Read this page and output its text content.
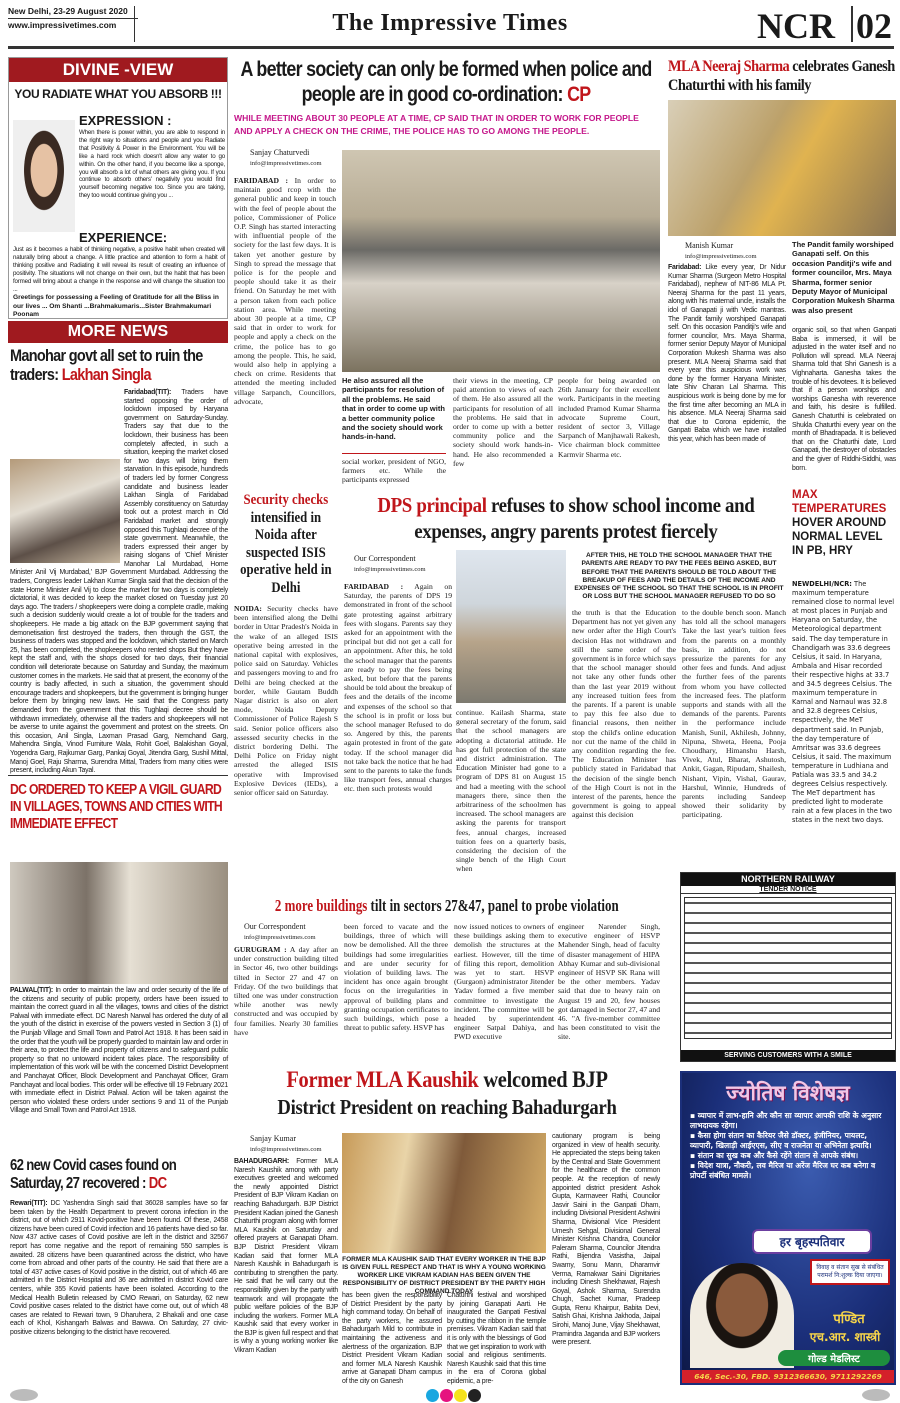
New Delhi, 23-29 August 2020
www.impressivetimes.com	The Impressive Times	NCR 02
DIVINE -VIEW
YOU RADIATE WHAT YOU ABSORB !!!
EXPRESSION :
When there is power within, you are able to respond in the right way to situations and people and you Radiate that Positivity & Power in the Environment. You will be like a hard rock which doesn't allow any water to go within. On the other hand, if you become like a sponge, you will absorb a lot of what others are giving you. If you continue to absorb others' negativity you would find yourself becoming negative too. Since you are taking, they too would continue giving you ...
EXPERIENCE:
Just as it becomes a habit of thinking negative, a positive habit when created will naturally bring about a change. A little practice and attention to form a habit of thinking positive and Radiating it will reveal its result of creating an influence of positivity. The situations will not change on their own, but the habit that has been formed will bring about a change in the response and will change the situation too ...
Greetings for possessing a Feeling of Gratitude for all the Bliss in our lives ... Om Shanti ...Brahmakumaris...Sister Brahmakumari Poonam
MORE NEWS
Manohar govt all set to ruin the traders: Lakhan Singla
Faridabad(TIT): Traders have started opposing the order of lockdown imposed by Haryana government on Saturday-Sunday. Traders say that due to the lockdown, their business has been completely affected, in such a situation, keeping the market closed for two days will bring them starvation. In this episode, hundreds of traders led by former Congress candidate and business leader Lakhan Singla of Faridabad Assembly constituency on Saturday took out a protest march in Old Faridabad market and strongly opposed this Tughlaqi decree of the state government. Meanwhile, the traders expressed their anger by raising slogans of 'Chief Minister Manohar Lal Murdabad, Home Minister Anil Vij Murdabad,' BJP Government Murdabad. Addressing the traders, Congress leader Lakhan Kumar Singla said that the decision of the state Home Minister Anil Vij to close the market for two days is completely dictatorial, it was decided to keep the market closed on Tuesday just 20 days ago. The traders / shopkeepers were doing a complete cradle, making such a decision suddenly would create a lot of trouble for the traders and shopkeepers. He made a big attack on the BJP government saying that demonetisation first destroyed the traders, then through the GST, the business of traders was stopped and the lockdown, which started on March 25, has been completed, the shopkeepers who rented shops But they have kept the staff and, with the shops closed for two days, their financial condition will deteriorate because on Saturday and Sunday, the maximum customer comes in the markets. He said that at present, the economy of the country is badly affected, in such a situation, the government should encourage traders and shopkeepers, but the government is bringing hunger before them by bringing new laws. He said that the Congress party demanded from the government that this Tughlaqi decree should be withdrawn immediately, otherwise all the traders and shopkeepers will not be averse to unite against the government and protest on the streets. On this occasion, Anil Singla, Laxman Prasad Garg, Nemchand Garg, Mahendra Singla, Vinod Furniture Wala, Rohit Goel, Balakishan Goyal, Yogendra Garg, Rajkumar Garg, Pankaj Goyal, Jitendra Garg, Sushil Mittal, Manoj Goel, Raju Sharma, Surendra Mittal, Traders from many cities were present, including Akun Tayal.
DC ORDERED TO KEEP A VIGIL GUARD IN VILLAGES, TOWNS AND CITIES WITH IMMEDIATE EFFECT
PALWAL(TIT): In order to maintain the law and order security of the life of the citizens and security of public property, orders have been issued to maintain the correct guard in all the villages, towns and cities of the district Palwal with immediate effect. DC Naresh Narwal has ordered the duty of all the youth of the district in exercise of the powers vested in Section 3 (1) of the Punjab Village and Small Town and Patrol Act 1918. It has been said in the order that the youth will be properly guarded to maintain law and order in their area, to protect the life and property of citizens and to safeguard public property so that no untoward incident takes place. The responsibility of implementation of this work will be with the concerned District Development and Panchayat Officer, Block Development and Panchayat Officer, Gram Panchayat and local bodies. This order will be effective till 19 February 2021 with immediate effect in District Palwal. Action will be taken against the person who violated these orders under sections 9 and 11 of the Punjab Village and Small Town and Patrol Act 1918.
62 new Covid cases found on Saturday, 27 recovered : DC
Rewari(TIT): DC Yashendra Singh said that 36028 samples have so far been taken by the Health Department to prevent corona infection in the district, out of which 2911 Kovid-positive have been found. Of these, 2458 citizens have been cured of Covid infection and 16 patients have died so far. Now 437 active cases of Covid positive are left in the district and 32567 report has come negative and the report of remaining 550 samples is awaited. 28 citizens have been quarantined across the district, who have come from abroad and other parts of the country. He said that there are a total of 437 active cases of Kovid positive in the district, out of which 46 are admitted in the District Hospital and 36 are admitted in district Kovid care centers, while 355 Kovid patients have been isolated. According to the Medical Health Bulletin released by CMO Rewari, on Saturday, 62 new Covid positive cases related to the district have come out, out of which 48 cases are related to Rewari town, 9 Dharuhera, 2 Bhakali and one case each of Khol, Kishangarh Balwas and Bawwa. On Saturday, 27 civic-positive citizens belonging to the district have recovered.
A better society can only be formed when police and people are in good co-ordination: CP
WHILE MEETING ABOUT 30 PEOPLE AT A TIME, CP SAID THAT IN ORDER TO WORK FOR PEOPLE AND APPLY A CHECK ON THE CRIME, THE POLICE HAS TO GO AMONG THE PEOPLE.
Sanjay Chaturvedi
info@impressivetimes.com
FARIDABAD : In order to maintain good rcop with the general public and keep in touch with the feel of people about the police, Commissioner of Police O.P. Singh has started interacting with influential people of the society for the last few days. It is taken yet another gesture by Singh to spread the message that police is for the people and people should take it as their friend. On Saturday he met with a person taken from each police station area. While meeting about 30 people at a time, CP said that in order to work for people and apply a check on the crime, the police has to go among the people. This, he said, would also help in applying a check on crime. Residents that attended the meeting included village Sarpanch, Councillors, advocate,
He also assured all the participants for resolution of all the problems. He said that in order to come up with a better community police and the society should work hands-in-hand.
social worker, president of NGO, farmers etc. While the participants expressed
their views in the meeting, CP paid attention to views of each of them. He also assured all the participants for resolution of all the problems. He said that in order to come up with a better community police and the society should work hands-in-hand. He also recommended a few
people for being awarded on 26th January for their excellent work. Participants in the meeting included Pramod Kumar Sharma advocate Supreme Court, resident of sector 3, Village Sarpanch of Manjhawali Rakesh, Vice chairman block committee Karmvir Sharma etc.
MLA Neeraj Sharma celebrates Ganesh Chaturthi with his family
Manish Kumar
info@impressivetimes.com
The Pandit family worshiped Ganapati self. On this occasion Panditji's wife and former councilor, Mrs. Maya Sharma, former senior Deputy Mayor of Municipal Corporation Mukesh Sharma was also present
Faridabad: Like every year, Dr Nidur Kumar Sharma (Surgeon Metro Hospital Faridabad), nephew of NIT-86 MLA Pt. Neeraj Sharma for the past 11 years, along with his maternal uncle, installs the idol of Ganapati ji with Vedic mantras. The Pandit family worshiped Ganapati self. On this occasion Panditji's wife and former councilor, Mrs. Maya Sharma, former senior Deputy Mayor of Municipal Corporation Mukesh Sharma was also present. MLA Neeraj Sharma said that every year this auspicious work was done by the former Haryana Minister, late Shiv Charan Lal Sharma. This auspicious work is being done by me for the first time after becoming an MLA in his absence. MLA Neeraj Sharma said that due to Corona epidemic, the Ganpati Baba which we have installed this year, which has been made of
organic soil, so that when Ganpati Baba is immersed, it will be adjusted in the water itself and no Pollution will spread. MLA Neeraj Sharma told that Shri Ganesh is a Vighnaharta. Ganesha takes the trouble of his devotees. It is believed that if a person worships and worships Ganesha with reverence and faith, his desire is fulfilled. Ganesh Chaturthi is celebrated on Shukla Chaturthi every year on the month of Bhadrapada. It is believed that on the Chaturthi date, Lord Ganapati, the destroyer of obstacles and the giver of Riddhi-Siddhi, was born.
MAX TEMPERATURES HOVER AROUND NORMAL LEVEL IN PB, HRY
NEWDELHI/NCR: The maximum temperature remained close to normal level at most places in Punjab and Haryana on Saturday, the Meteorological department said. The day temperature in Chandigarh was 33.6 degrees Celsius, it said. In Haryana, Ambala and Hisar recorded their respective highs at 33.7 and 34.5 degrees Celsius. The maximum temperature in Karnal and Narnaul was 32.8 and 32.8 degrees Celsius, respectively, the MeT department said. In Punjab, the day temperature of Amritsar was 33.6 degrees Celsius, it said. The maximum temperature in Ludhiana and Patiala was 33.5 and 34.2 degrees Celsius respectively. The MeT department has predicted light to moderate rain at a few places in the two states in the next two days.
Security checks intensified in Noida after suspected ISIS operative held in Delhi
NOIDA: Security checks have been intensified along the Delhi border in Uttar Pradesh's Noida in the wake of an alleged ISIS operative being arrested in the national capital with explosives, police said on Saturday. Vehicles and passengers moving to and fro Delhi are being checked at the border, while Gautam Buddh Nagar district is also on alert mode, Noida Deputy Commissioner of Police Rajesh S said. Senior police officers also assessed security checks in the district bordering Delhi. The Delhi Police on Friday night arrested the alleged ISIS operative with Improvised Explosive Devices (IEDs), a senior officer said on Saturday.
DPS principal refuses to show school income and expenses, angry parents protest fiercely
Our Correspondent
info@impressivetimes.com
AFTER THIS, HE TOLD THE SCHOOL MANAGER THAT THE PARENTS ARE READY TO PAY THE FEES BEING ASKED, BUT BEFORE THAT THE PARENTS SHOULD BE TOLD ABOUT THE BREAKUP OF FEES AND THE DETAILS OF THE INCOME AND EXPENSES OF THE SCHOOL SO THAT THE SCHOOL IS IN PROFIT OR LOSS BUT THE SCHOOL MANAGER REFUSED TO DO SO
FARIDABAD : Again on Saturday, the parents of DPS 19 demonstrated in front of the school gate protesting against arbitrary fees with slogans. Parents say they asked for an appointment with the principal but did not get a call for an appointment. After this, he told the school manager that the parents are ready to pay the fees being asked, but before that the parents should be told about the breakup of fees and the details of the income and expenses of the school so that the school is in profit or loss but the school manager Refused to do so. Angered by this, the parents again protested in front of the gate today. If the school manager did not take back the notice that he had sent to the parents to take the funds like transport fees, annual charges etc. then such protests would
continue. Kailash Sharma, state general secretary of the forum, said that the school managers are adopting a dictatorial attitude. He has got full protection of the state and district administration. The Education Minister had gone to a program of DPS 81 on August 15 and had a meeting with the school managers there, since then the arbitrariness of the schoolmen has increased. The school managers are asking the parents for transport fees, annual charges, increased tuition fees on a quarterly basis, considering the decision of the single bench of the High Court when
the truth is that the Education Department has not yet given any new order after the High Court's decision Has not withdrawn and still the same order of the government is in force which says that the school manager should not take any other funds other than the last year 2019 without any increased tuition fees from the parents. If a parent is unable to pay this fee also due to financial reasons, then neither stop the child's online education nor cut the name of the child in any condition regarding the fee. The Education Minister has publicly stated in Faridabad that the decision of the single bench of the High Court is not in the interest of the parents, hence the government is going to appeal against this decision
to the double bench soon. Manch has told all the school managers Take the last year's tuition fees from the parents on a monthly basis, in addition, do not pressurize the parents for any other fees and funds. And adjust the further fees of the parents from whom you have collected the increased fees. The platform supports and stands with all the demands of the parents. Parents in the performance include Manish, Sunil, Akhilesh, Johnny, Nipuna, Shweta, Heena, Pooja Choudhary, Himanshu Harsh, Vivek, Atul, Bharat, Ashutosh, Ankit, Gagan, Ripudam, Shailesh, Nishant, Vipin, Vishal, Gaurav, Harshul, Winnie, Hundreds of parents including Sandeep showed their solidarity by participating.
2 more buildings tilt in sectors 27&47, panel to probe violation
Our Correspondent
info@impressivetimes.com
GURUGRAM : A day after an under construction building tilted in Sector 46, two other buildings tilted in Sector 27 and 47 on Friday. Of the two buildings that tilted one was under construction while another was newly constructed and was occupied by four families. Nearly 30 families have
been forced to vacate and the buildings, three of which will now be demolished. All the three buildings had some irregularities and are under security for violation of building laws. The incident has once again brought focus on the irregularities in approval of building plans and granting occupation certificates to such buildings, which pose a threat to public safety. HSVP has
now issued notices to owners of these buildings asking them to demolish the structures at the earliest. However, till the time of filing this report, demolition was yet to start. HSVP (Gurgaon) administrator Jitender Yadav formed a five member committee to investigate the incident. The committee will be headed by superintendent engineer Satpal Dahiya, and PWD executive
engineer Narender Singh, executive engineer of HSVP Mahender Singh, head of faculty of disaster management of HIPA Abhay Kumar and sub-divisional engineer of HSVP SK Rana will be the other members. Yadav said that due to heavy rain on August 19 and 20, few houses got damaged in Sector 27, 47 and 46. "A five-member committee has been constituted to visit the site.
NORTHERN RAILWAY
TENDER NOTICE
SERVING CUSTOMERS WITH A SMILE
Former MLA Kaushik welcomed BJP
District President on reaching Bahadurgarh
Sanjay Kumar
info@impressivetimes.com
BAHADURGARH: Former MLA Naresh Kaushik among with party executives greeted and welcomed the newly appointed District President of BJP Vikram Kadian on reaching Bahadurgarh. BJP District President Kadian joined the Ganesh Chaturthi program along with former MLA Kaushik on Saturday and offered prayers at Ganapati Dham. BJP District President Vikram Kadian said that former MLA Naresh Kaushik in Bahadurgarh is contributing to strengthen the party. He said that he will carry out the responsibility given by the party with teamwork and will propagate the public welfare policies of the BJP including the workers. Former MLA Kaushik said that every worker in the BJP is given full respect and that is why a young working worker like Vikram Kadian
FORMER MLA KAUSHIK SAID THAT EVERY WORKER IN THE BJP IS GIVEN FULL RESPECT AND THAT IS WHY A YOUNG WORKING WORKER LIKE VIKRAM KADIAN HAS BEEN GIVEN THE RESPONSIBILITY OF DISTRICT PRESIDENT BY THE PARTY HIGH COMMAND TODAY
has been given the responsibility of District President by the party high command today. On behalf of the party workers, he assured Bahadurgarh Mild to contribute in maintaining the activeness and alertness of the organization. BJP District President Vikram Kadian and former MLA Naresh Kaushik arrive at Ganapati Dham campus of the city on Ganesh
Chaturthi festival and worshiped by joining Ganapati Aarti. He inaugurated the Ganpati Festival by cutting the ribbon in the temple premises. Vikram Kadian said that it is only with the blessings of God that we get inspiration to work with social and religious sentiments. Naresh Kaushik said that this time in the era of Corona global epidemic, a pre-
cautionary program is being organized in view of health security. He appreciated the steps being taken by the Central and State Government for the healthcare of the common people. At the reception of newly appointed district president Ashok Gupta, Karmaveer Rathi, Councilor Jasvir Saini in the Ganpati Dham, including Divisional President Ashwini Sharma, Divisional Vice President Umesh Sehgal, Divisional General Minister Krishna Chandra, Councilor Paleram Sharma, Councilor Jitendra Rathi, Bijendra Vasistha, Jaipal Swamy, Sonu Mann, Dharamvir Verma, Ramakwar Saini Dignitaries including Dinesh Shekhawat, Rajesh Goyal, Ashok Sharma, Surendra Chugh, Sachet Kumar, Pradeep Gupta, Renu Khairpur, Babita Devi, Satish Ghai, Krishna Jakhoda, Jaipal Sirohi, Manoj June, Vijay Shekhawat, Pramindra Jaganda and BJP workers were present.
ज्योतिष विशेषज्ञ
▪ व्यापार में लाभ-हानि और कौन सा व्यापार आपकी राशि के अनुसार लाभदायक रहेगा।
▪ कैसा होगा संतान का कैरियर जैसे डॉक्टर, इंजीनियर, पायलट, व्यापारी, खिलाड़ी आईएएस, सीए व राजनेता या अभिनेता इत्यादि।
▪ संतान का सुख कब और कैसे रहेंगे संतान से आपके संबंध।
▪ विदेश यात्रा, नौकरी, लव मैरिज या अरेंज मैरिज घर कब बनेगा व प्रोपर्टी संबंधित मामले।
हर बृहस्पतिवार
विवाह व संतान सुख से संबंधित परामर्श नि:शुल्क दिया जाएगा।
पण्डित
एच.आर. शास्त्री
गोल्ड मेडलिस्ट
646, Sec.-30, FBD. 9312366630, 9711292269
